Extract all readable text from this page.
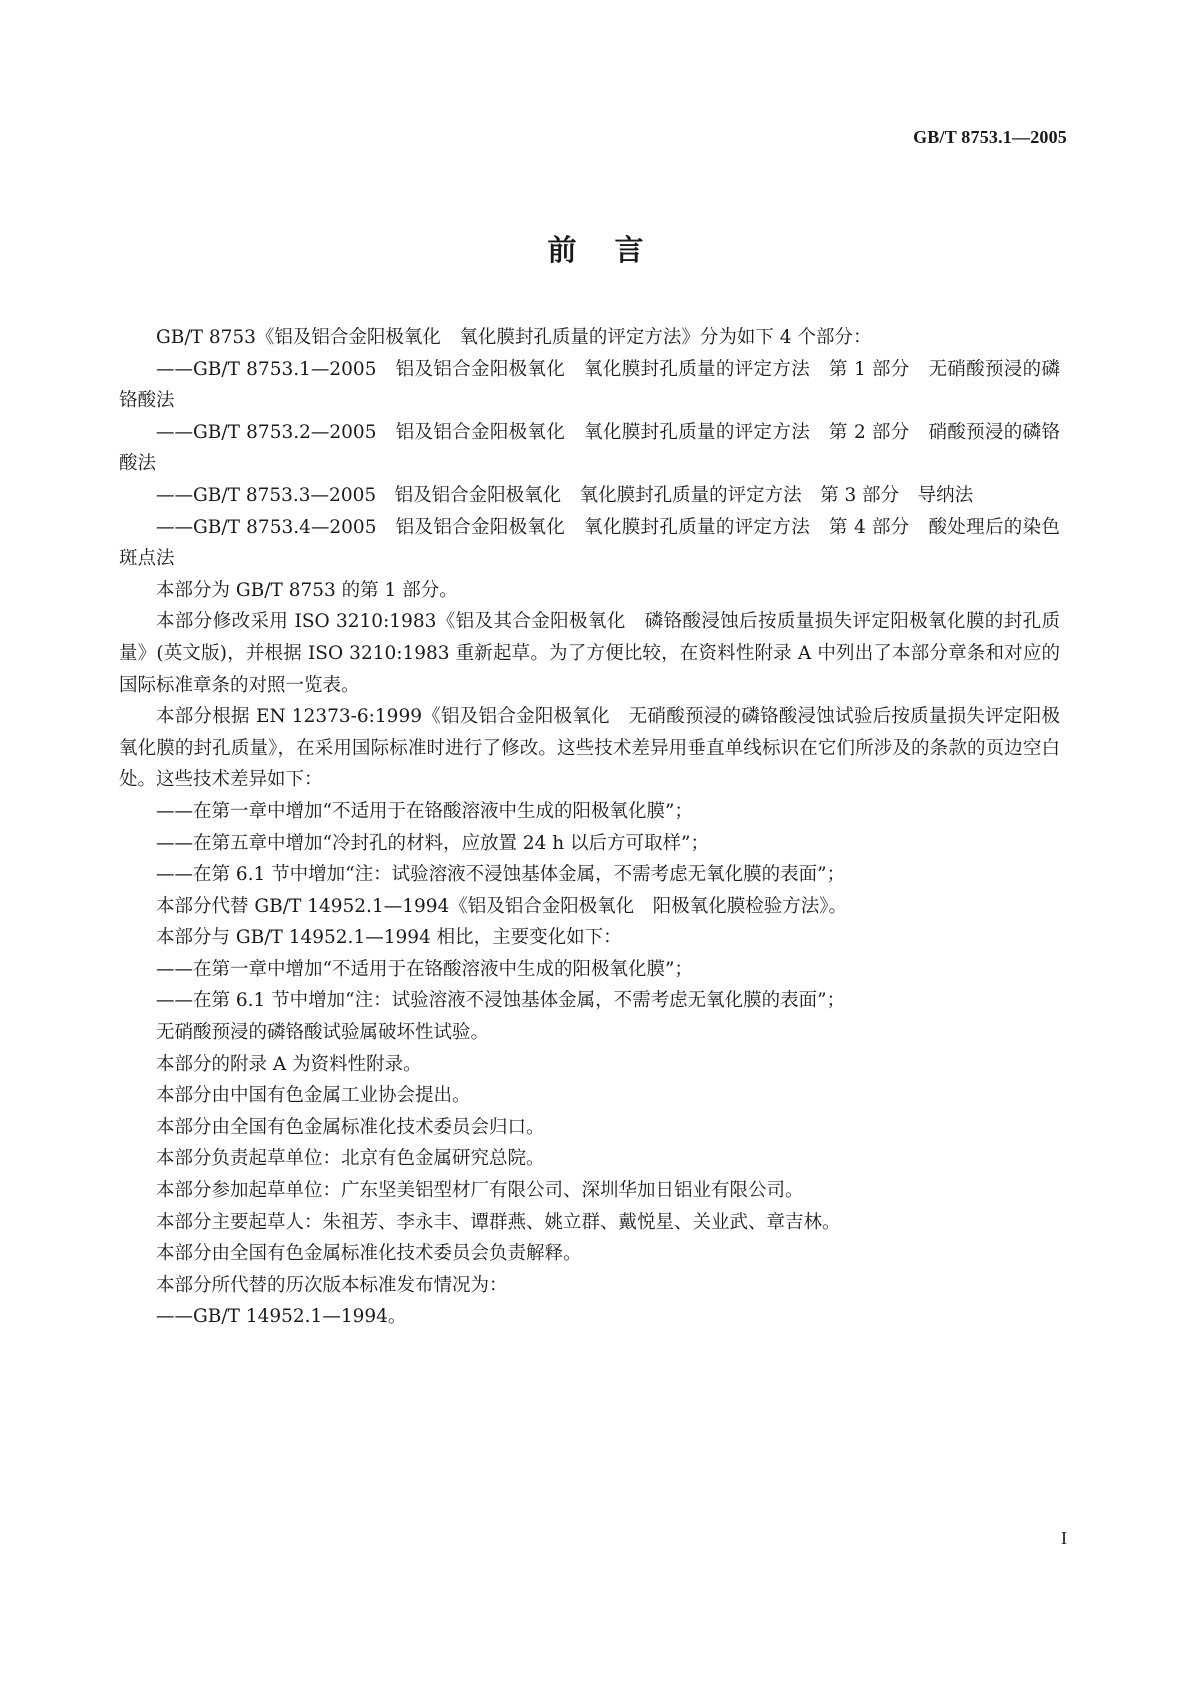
GB/T 8753.1—2005
前言

GB/T 8753《铝及铝合金阳极氧化　氧化膜封孔质量的评定方法》分为如下 4 个部分：

——GB/T 8753.1—2005　铝及铝合金阳极氧化　氧化膜封孔质量的评定方法　第 1 部分　无硝酸预浸的磷铬酸法

——GB/T 8753.2—2005　铝及铝合金阳极氧化　氧化膜封孔质量的评定方法　第 2 部分　硝酸预浸的磷铬酸法

——GB/T 8753.3—2005　铝及铝合金阳极氧化　氧化膜封孔质量的评定方法　第 3 部分　导纳法

——GB/T 8753.4—2005　铝及铝合金阳极氧化　氧化膜封孔质量的评定方法　第 4 部分　酸处理后的染色斑点法

本部分为 GB/T 8753 的第 1 部分。

本部分修改采用 ISO 3210:1983《铝及其合金阳极氧化　磷铬酸浸蚀后按质量损失评定阳极氧化膜的封孔质量》(英文版)，并根据 ISO 3210:1983 重新起草。为了方便比较，在资料性附录 A 中列出了本部分章条和对应的国际标准章条的对照一览表。

本部分根据 EN 12373-6:1999《铝及铝合金阳极氧化　无硝酸预浸的磷铬酸浸蚀试验后按质量损失评定阳极氧化膜的封孔质量》，在采用国际标准时进行了修改。这些技术差异用垂直单线标识在它们所涉及的条款的页边空白处。这些技术差异如下：

——在第一章中增加“不适用于在铬酸溶液中生成的阳极氧化膜”；

——在第五章中增加“冷封孔的材料，应放置 24 h 以后方可取样”；

——在第 6.1 节中增加“注：试验溶液不浸蚀基体金属，不需考虑无氧化膜的表面”；

本部分代替 GB/T 14952.1—1994《铝及铝合金阳极氧化　阳极氧化膜检验方法》。

本部分与 GB/T 14952.1—1994 相比，主要变化如下：

——在第一章中增加“不适用于在铬酸溶液中生成的阳极氧化膜”；

——在第 6.1 节中增加“注：试验溶液不浸蚀基体金属，不需考虑无氧化膜的表面”；

无硝酸预浸的磷铬酸试验属破坏性试验。

本部分的附录 A 为资料性附录。

本部分由中国有色金属工业协会提出。

本部分由全国有色金属标准化技术委员会归口。

本部分负责起草单位：北京有色金属研究总院。

本部分参加起草单位：广东坚美铝型材厂有限公司、深圳华加日铝业有限公司。

本部分主要起草人：朱祖芳、李永丰、谭群燕、姚立群、戴悦星、关业武、章吉林。

本部分由全国有色金属标准化技术委员会负责解释。

本部分所代替的历次版本标准发布情况为：

——GB/T 14952.1—1994。

I
